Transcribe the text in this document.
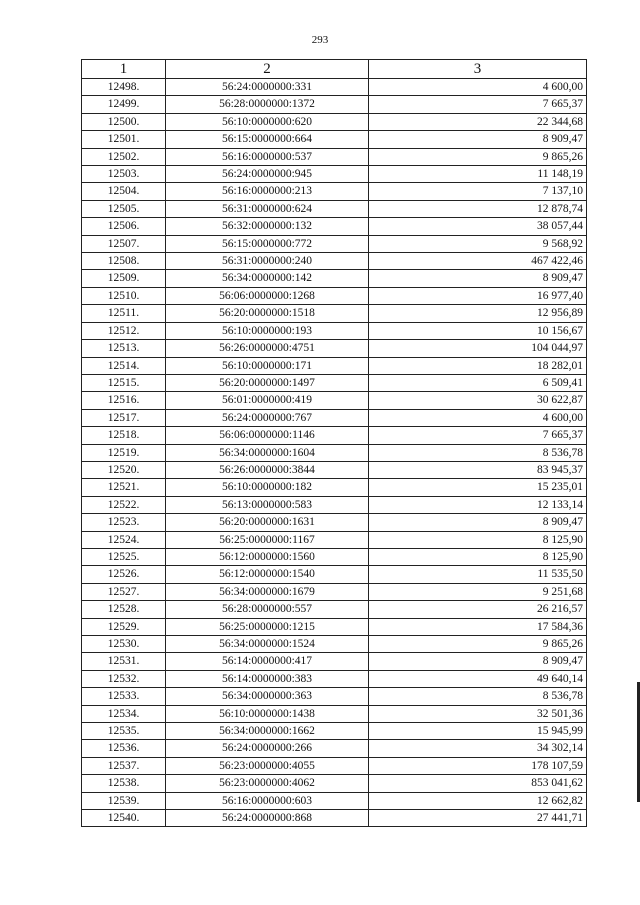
293
1	2	3
12498.	56:24:0000000:331	4 600,00
12499.	56:28:0000000:1372	7 665,37
12500.	56:10:0000000:620	22 344,68
12501.	56:15:0000000:664	8 909,47
12502.	56:16:0000000:537	9 865,26
12503.	56:24:0000000:945	11 148,19
12504.	56:16:0000000:213	7 137,10
12505.	56:31:0000000:624	12 878,74
12506.	56:32:0000000:132	38 057,44
12507.	56:15:0000000:772	9 568,92
12508.	56:31:0000000:240	467 422,46
12509.	56:34:0000000:142	8 909,47
12510.	56:06:0000000:1268	16 977,40
12511.	56:20:0000000:1518	12 956,89
12512.	56:10:0000000:193	10 156,67
12513.	56:26:0000000:4751	104 044,97
12514.	56:10:0000000:171	18 282,01
12515.	56:20:0000000:1497	6 509,41
12516.	56:01:0000000:419	30 622,87
12517.	56:24:0000000:767	4 600,00
12518.	56:06:0000000:1146	7 665,37
12519.	56:34:0000000:1604	8 536,78
12520.	56:26:0000000:3844	83 945,37
12521.	56:10:0000000:182	15 235,01
12522.	56:13:0000000:583	12 133,14
12523.	56:20:0000000:1631	8 909,47
12524.	56:25:0000000:1167	8 125,90
12525.	56:12:0000000:1560	8 125,90
12526.	56:12:0000000:1540	11 535,50
12527.	56:34:0000000:1679	9 251,68
12528.	56:28:0000000:557	26 216,57
12529.	56:25:0000000:1215	17 584,36
12530.	56:34:0000000:1524	9 865,26
12531.	56:14:0000000:417	8 909,47
12532.	56:14:0000000:383	49 640,14
12533.	56:34:0000000:363	8 536,78
12534.	56:10:0000000:1438	32 501,36
12535.	56:34:0000000:1662	15 945,99
12536.	56:24:0000000:266	34 302,14
12537.	56:23:0000000:4055	178 107,59
12538.	56:23:0000000:4062	853 041,62
12539.	56:16:0000000:603	12 662,82
12540.	56:24:0000000:868	27 441,71
